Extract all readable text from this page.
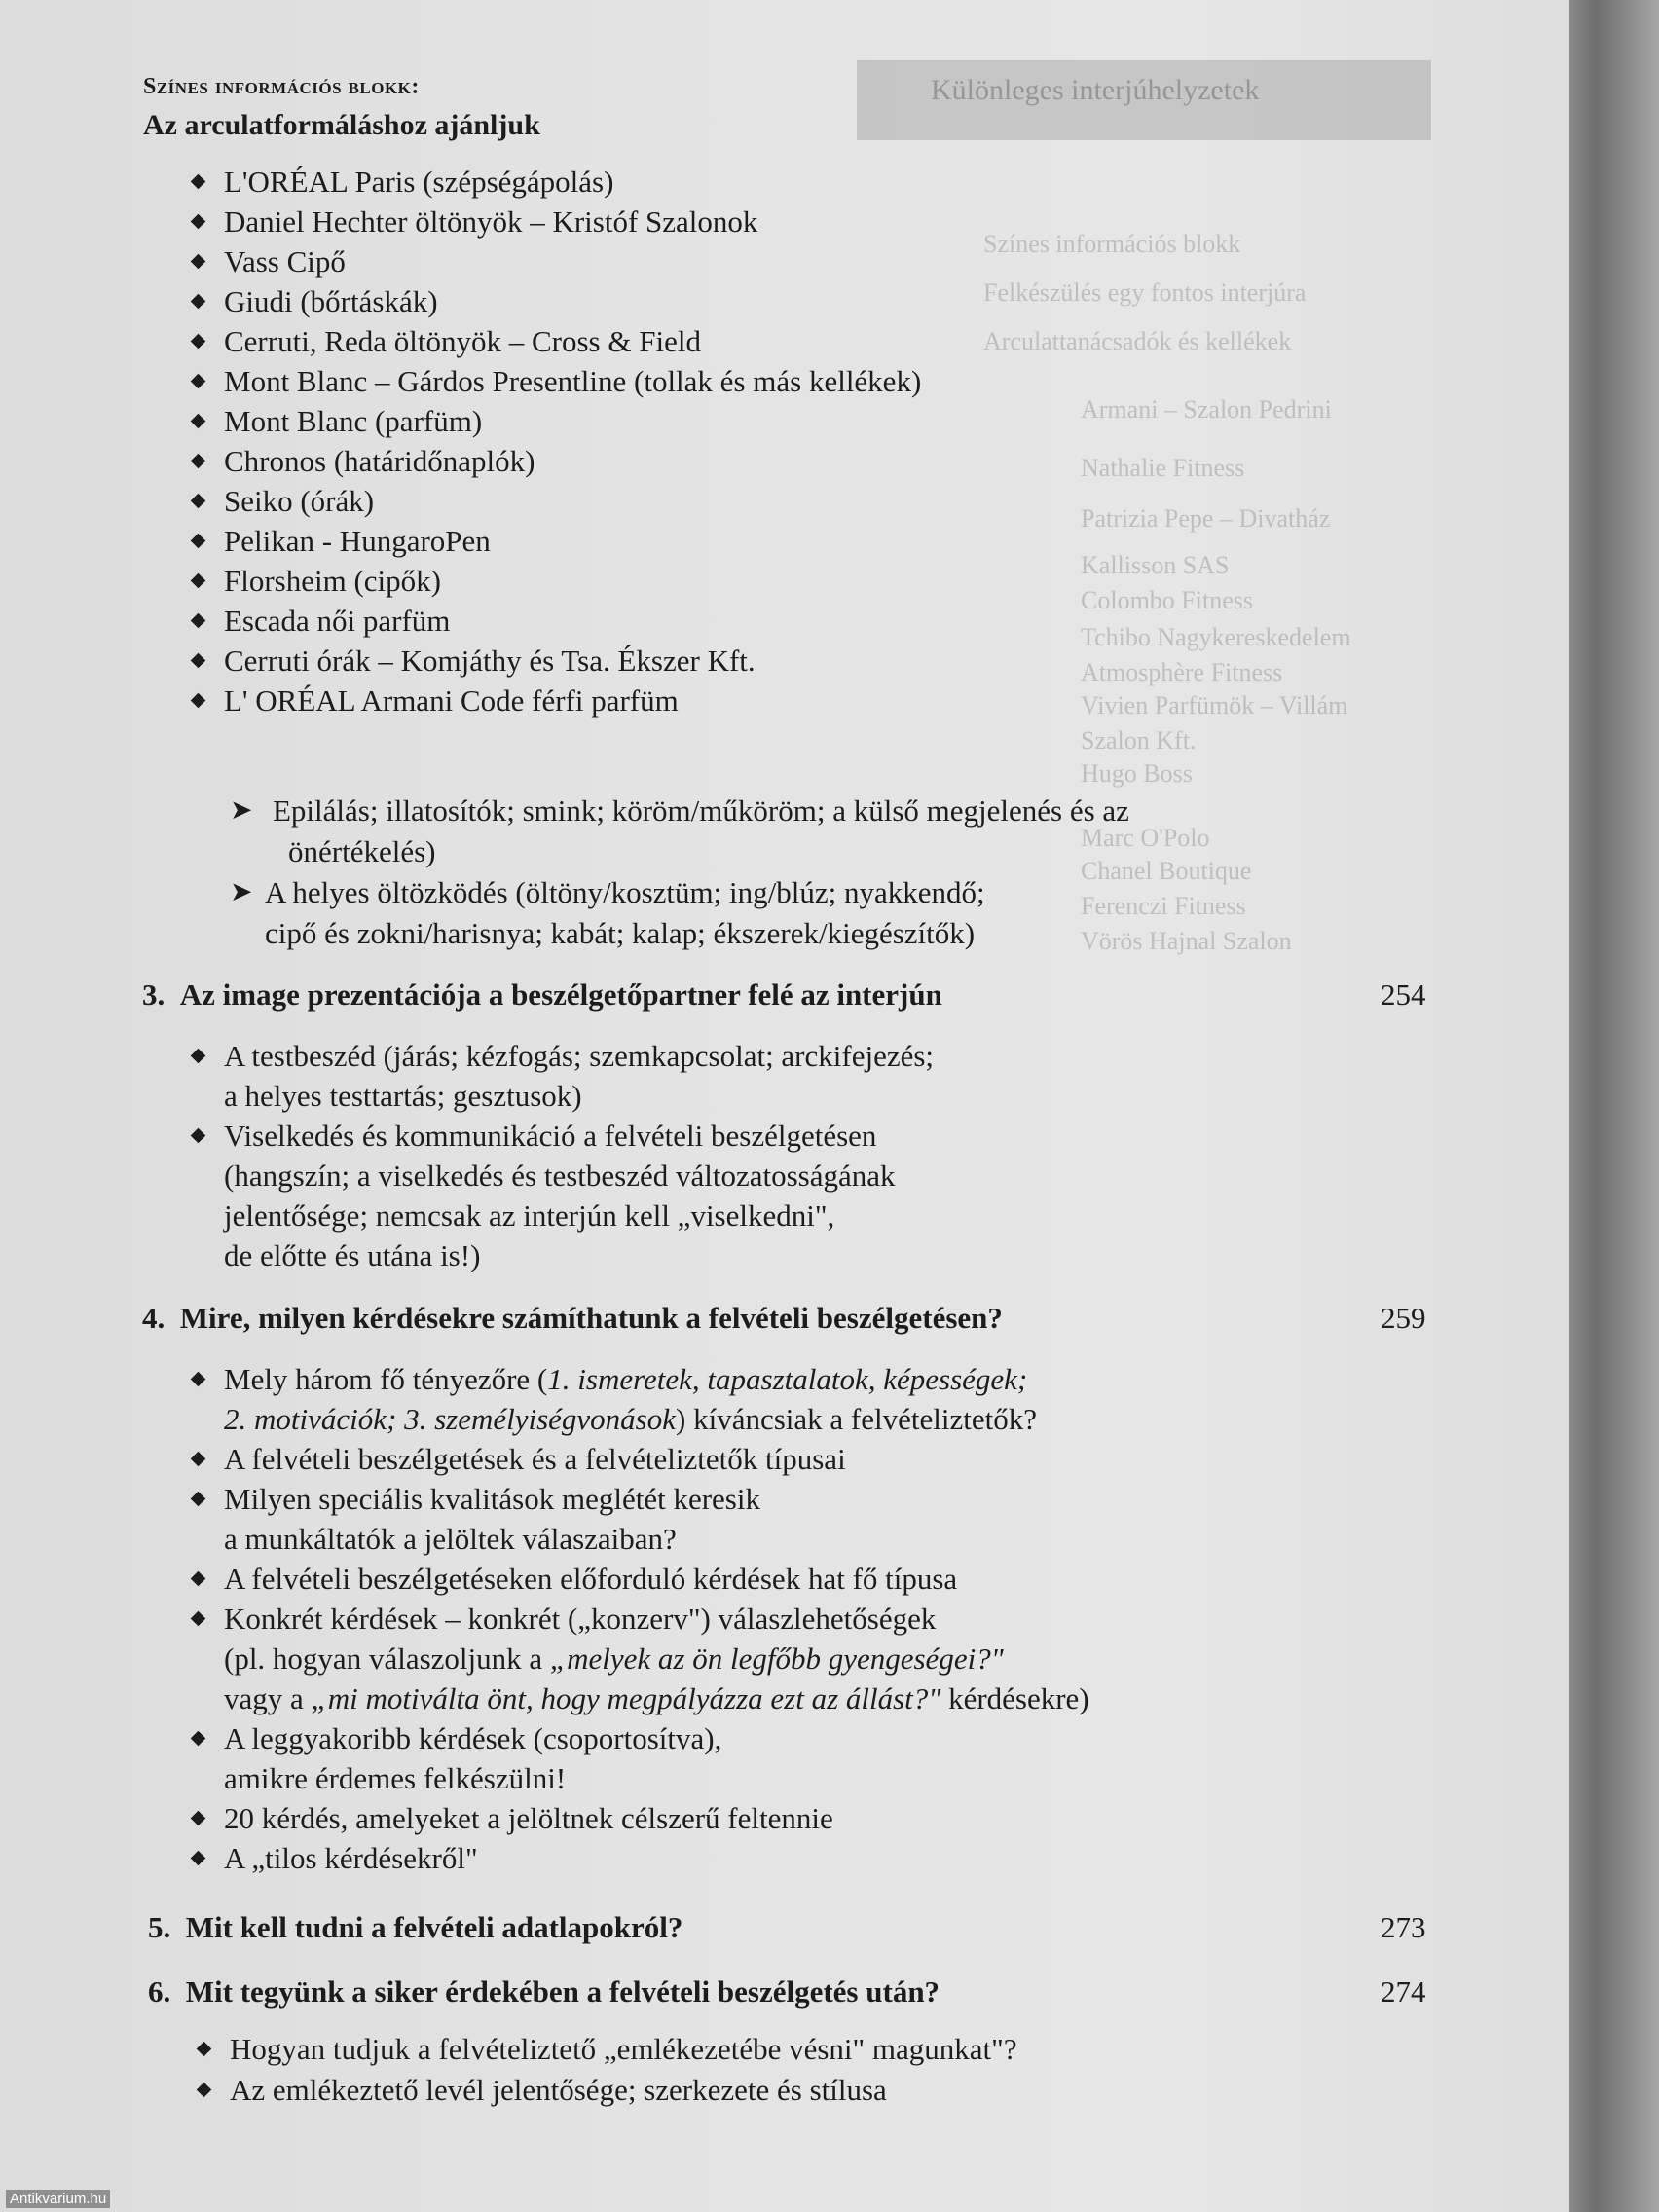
Különleges interjúhelyzetek
Színes információs blokk
Felkészülés egy fontos interjúra
Arculattanácsadók és kellékek
Armani – Szalon Pedrini
Nathalie Fitness
Patrizia Pepe – Divatház
Kallisson SAS
Colombo Fitness
Tchibo Nagykereskedelem
Atmosphère Fitness
Vivien Parfümök – Villám
Szalon Kft.
Hugo Boss
Marc O'Polo
Chanel Boutique
Ferenczi Fitness
Vörös Hajnal Szalon
Színes információs blokk:
Az arculatformáláshoz ajánljuk
L'ORÉAL Paris (szépségápolás)
Daniel Hechter öltönyök – Kristóf Szalonok
Vass Cipő
Giudi (bőrtáskák)
Cerruti, Reda öltönyök – Cross & Field
Mont Blanc – Gárdos Presentline (tollak és más kellékek)
Mont Blanc (parfüm)
Chronos (határidőnaplók)
Seiko (órák)
Pelikan - HungaroPen
Florsheim (cipők)
Escada női parfüm
Cerruti órák – Komjáthy és Tsa. Ékszer Kft.
L' ORÉAL Armani Code férfi parfüm
➤ Epilálás; illatosítók; smink; köröm/műköröm; a külső megjelenés és az
önértékelés)
➤ A helyes öltözködés (öltöny/kosztüm; ing/blúz; nyakkendő;
cipő és zokni/harisnya; kabát; kalap; ékszerek/kiegészítők)
3. Az image prezentációja a beszélgetőpartner felé az interjún	254
A testbeszéd (járás; kézfogás; szemkapcsolat; arckifejezés;
a helyes testtartás; gesztusok)
Viselkedés és kommunikáció a felvételi beszélgetésen
(hangszín; a viselkedés és testbeszéd változatosságának
jelentősége; nemcsak az interjún kell „viselkedni",
de előtte és utána is!)
4. Mire, milyen kérdésekre számíthatunk a felvételi beszélgetésen?	259
Mely három fő tényezőre (1. ismeretek, tapasztalatok, képességek;
2. motivációk; 3. személyiségvonások) kíváncsiak a felvételiztetők?
A felvételi beszélgetések és a felvételiztetők típusai
Milyen speciális kvalitások meglétét keresik
a munkáltatók a jelöltek válaszaiban?
A felvételi beszélgetéseken előforduló kérdések hat fő típusa
Konkrét kérdések – konkrét („konzerv") válaszlehetőségek
(pl. hogyan válaszoljunk a „melyek az ön legfőbb gyengeségei?"
vagy a „mi motiválta önt, hogy megpályázza ezt az állást?" kérdésekre)
A leggyakoribb kérdések (csoportosítva),
amikre érdemes felkészülni!
20 kérdés, amelyeket a jelöltnek célszerű feltennie
A „tilos kérdésekről"
5. Mit kell tudni a felvételi adatlapokról?	273
6. Mit tegyünk a siker érdekében a felvételi beszélgetés után?	274
Hogyan tudjuk a felvételiztető „emlékezetébe vésni" magunkat"?
Az emlékeztető levél jelentősége; szerkezete és stílusa
Antikvarium.hu
